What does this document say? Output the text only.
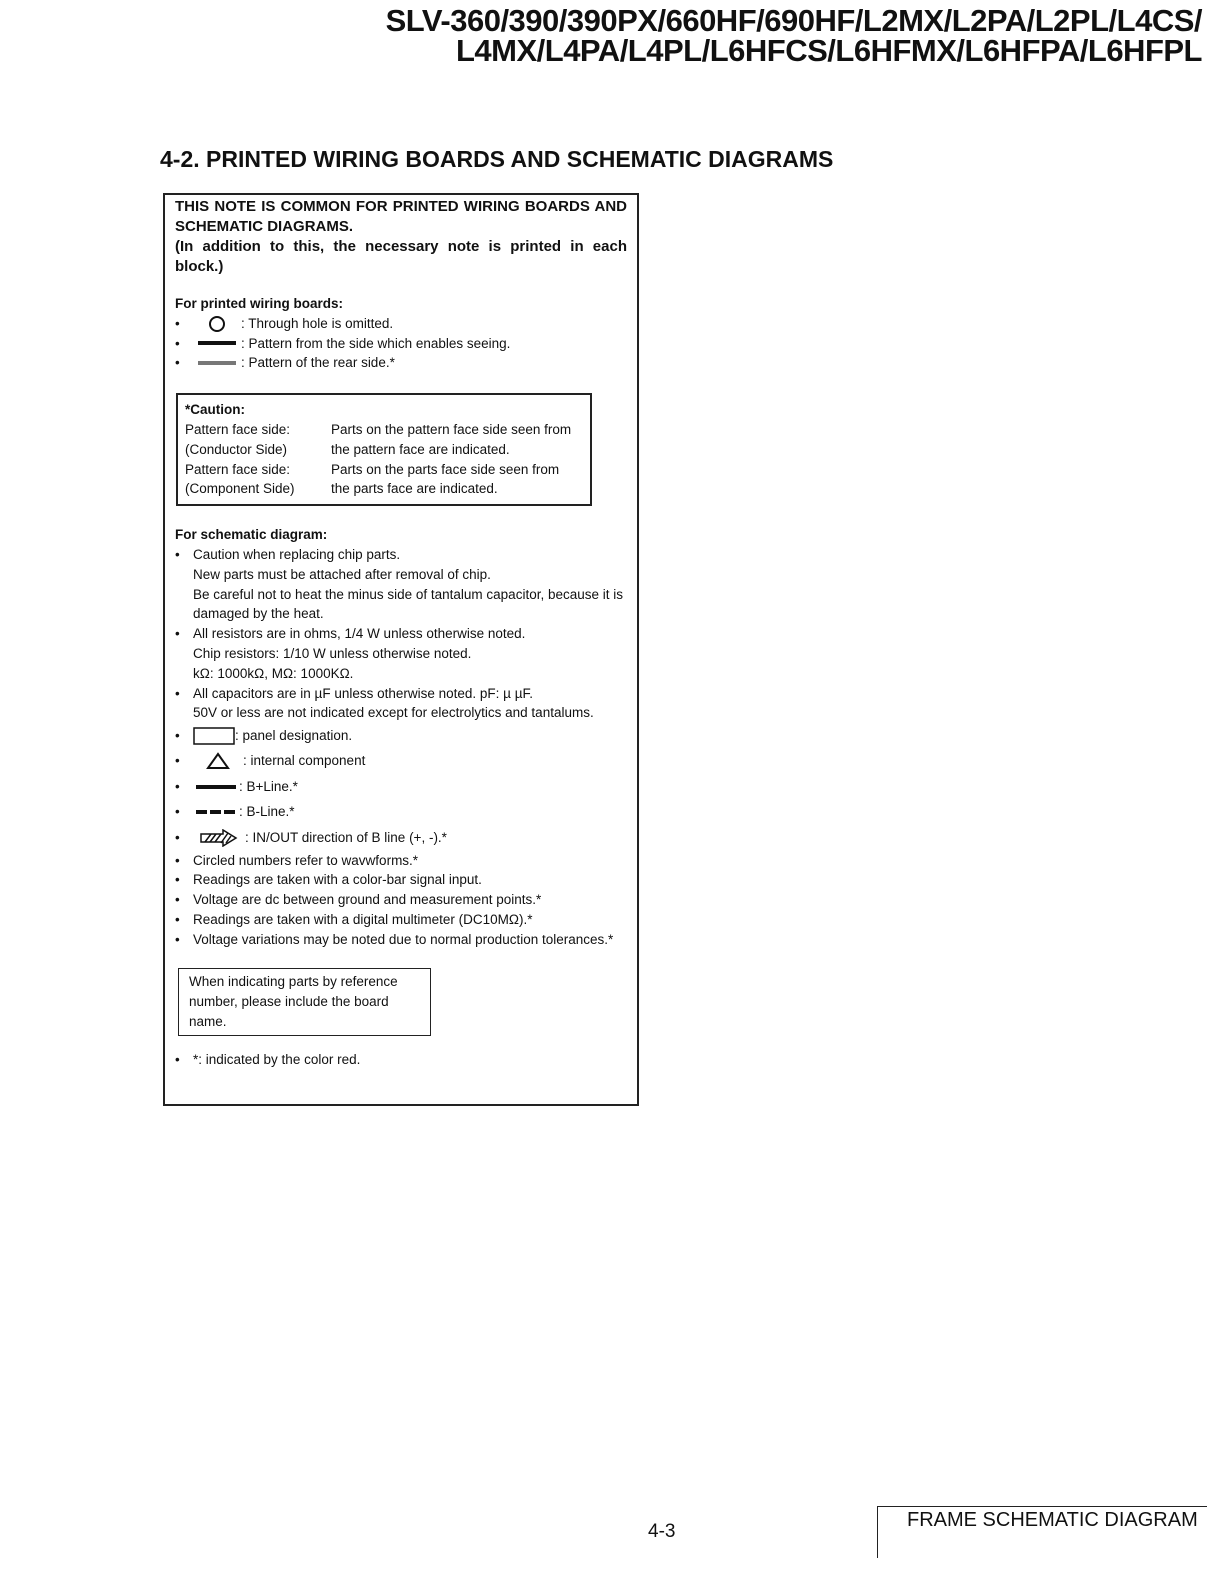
SLV-360/390/390PX/660HF/690HF/L2MX/L2PA/L2PL/L4CS/
L4MX/L4PA/L4PL/L6HFCS/L6HFMX/L6HFPA/L6HFPL
4-2. PRINTED WIRING BOARDS AND SCHEMATIC DIAGRAMS

THIS NOTE IS COMMON FOR PRINTED WIRING BOARDS AND SCHEMATIC DIAGRAMS.

(In addition to this, the necessary note is printed in each block.)

For printed wiring boards:
•	: Through hole is omitted.
•	: Pattern from the side which enables seeing.
•	: Pattern of the rear side.*
*Caution:
Pattern face side:	Parts on the pattern face side seen from
(Conductor Side)	the pattern face are indicated.
Pattern face side:	Parts on the parts face side seen from
(Component Side)	the parts face are indicated.
For schematic diagram:
• Caution when replacing chip parts.
New parts must be attached after removal of chip.
Be careful not to heat the minus side of tantalum capacitor, because it is damaged by the heat.
• All resistors are in ohms, 1/4 W unless otherwise noted.
Chip resistors: 1/10 W unless otherwise noted.
kΩ: 1000kΩ, MΩ: 1000KΩ.
• All capacitors are in µF unless otherwise noted. pF: µ µF.
50V or less are not indicated except for electrolytics and tantalums.
•	: panel designation.
•	: internal component
•	: B+Line.*
•	: B-Line.*
•	: IN/OUT direction of B line (+, -).*
• Circled numbers refer to wavwforms.*
• Readings are taken with a color-bar signal input.
• Voltage are dc between ground and measurement points.*
• Readings are taken with a digital multimeter (DC10MΩ).*
• Voltage variations may be noted due to normal production tolerances.*
When indicating parts by reference number, please include the board name.
• *: indicated by the color red.
4-3
FRAME SCHEMATIC DIAGRAM
